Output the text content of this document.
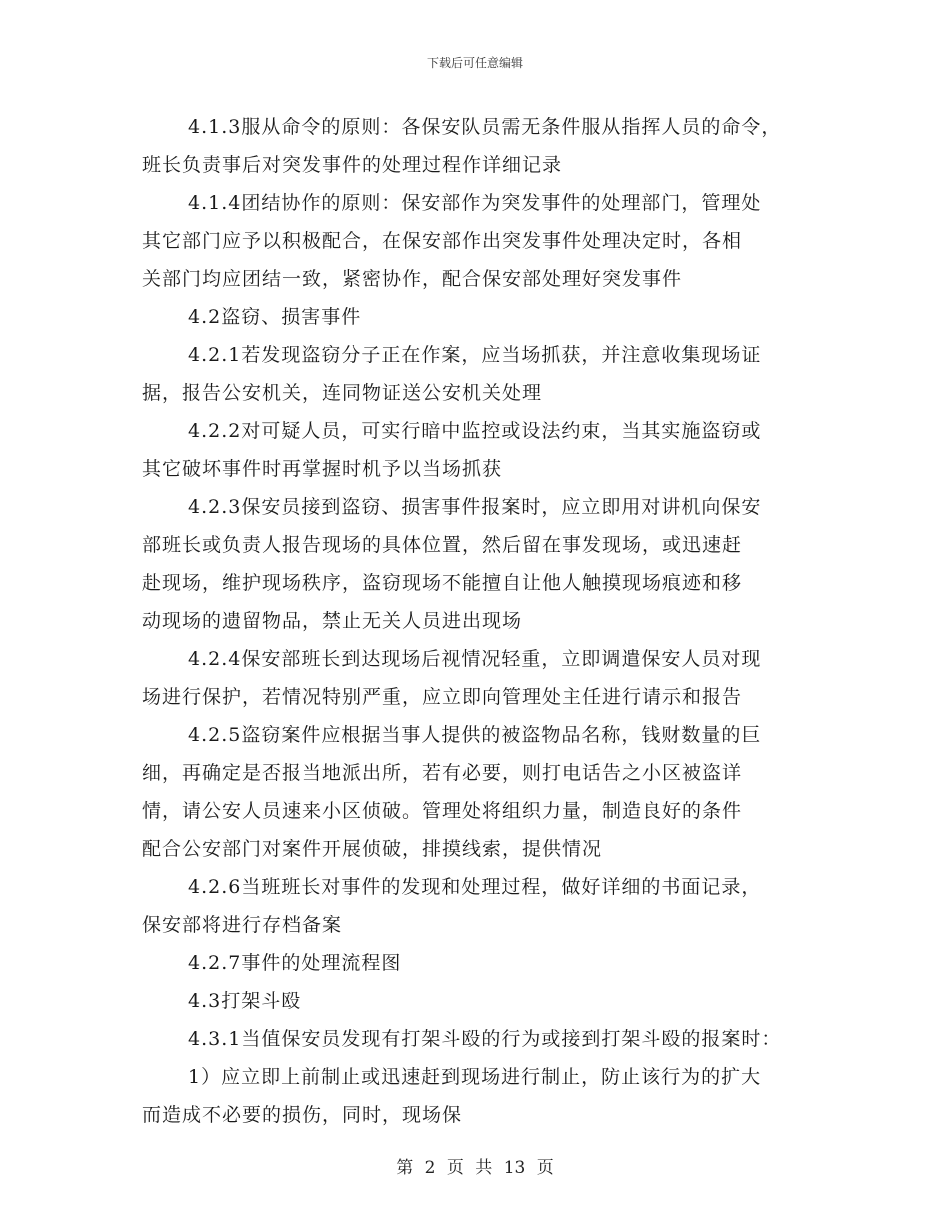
下载后可任意编辑
4.1.3服从命令的原则：各保安队员需无条件服从指挥人员的命令，
班长负责事后对突发事件的处理过程作详细记录
4.1.4团结协作的原则：保安部作为突发事件的处理部门，管理处
其它部门应予以积极配合，在保安部作出突发事件处理决定时，各相
关部门均应团结一致，紧密协作，配合保安部处理好突发事件
4.2盗窃、损害事件
4.2.1若发现盗窃分子正在作案，应当场抓获，并注意收集现场证
据，报告公安机关，连同物证送公安机关处理
4.2.2对可疑人员，可实行暗中监控或设法约束，当其实施盗窃或
其它破坏事件时再掌握时机予以当场抓获
4.2.3保安员接到盗窃、损害事件报案时，应立即用对讲机向保安
部班长或负责人报告现场的具体位置，然后留在事发现场，或迅速赶
赴现场，维护现场秩序，盗窃现场不能擅自让他人触摸现场痕迹和移
动现场的遗留物品，禁止无关人员进出现场
4.2.4保安部班长到达现场后视情况轻重，立即调遣保安人员对现
场进行保护，若情况特别严重，应立即向管理处主任进行请示和报告
4.2.5盗窃案件应根据当事人提供的被盗物品名称，钱财数量的巨
细，再确定是否报当地派出所，若有必要，则打电话告之小区被盗详
情，请公安人员速来小区侦破。管理处将组织力量，制造良好的条件
配合公安部门对案件开展侦破，排摸线索，提供情况
4.2.6当班班长对事件的发现和处理过程，做好详细的书面记录，
保安部将进行存档备案
4.2.7事件的处理流程图
4.3打架斗殴
4.3.1当值保安员发现有打架斗殴的行为或接到打架斗殴的报案时：
1）应立即上前制止或迅速赶到现场进行制止，防止该行为的扩大
而造成不必要的损伤，同时，现场保
第 2 页 共 13 页
